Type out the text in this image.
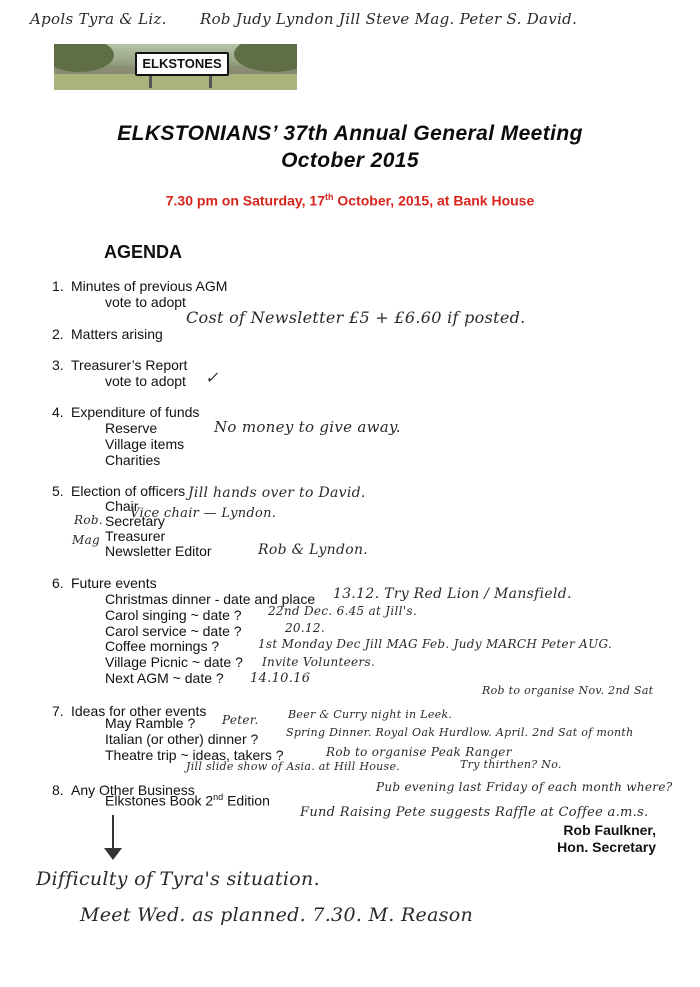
Apols Tyra & Liz. Rob Judy Lyndon Jill Steve Mag. Peter S. David.
ELKSTONES
ELKSTONIANS’ 37th Annual General Meeting
October 2015
7.30 pm on Saturday, 17th October, 2015, at Bank House
AGENDA
1. Minutes of previous AGM
vote to adopt
2. Matters arising
Cost of Newsletter £5 + £6.60 if posted.
3. Treasurer’s Report
vote to adopt ✓
4. Expenditure of funds
Reserve
Village items
Charities
No money to give away.
5. Election of officers
Chair
Secretary
Treasurer
Newsletter Editor
Jill hands over to David.
Vice chair — Lyndon.
Rob.
Mag
Rob & Lyndon.
6. Future events
Christmas dinner - date and place
Carol singing ~ date ?
Carol service ~ date ?
Coffee mornings ?
Village Picnic ~ date ?
Next AGM ~ date ?
13.12. Try Red Lion / Mansfield.
22nd Dec. 6.45 at Jill's.
20.12.
1st Monday Dec Jill MAG Feb. Judy MARCH Peter AUG.
Invite Volunteers.
14.10.16
7. Ideas for other events
May Ramble ?
Italian (or other) dinner ?
Theatre trip ~ ideas, takers ?
Peter.
Rob to organise Nov. 2nd Sat
Beer & Curry night in Leek.
Spring Dinner. Royal Oak Hurdlow. April. 2nd Sat of month
Rob to organise Peak Ranger
Jill slide show of Asia. at Hill House.	Try thirthen? No.
8. Any Other Business
Elkstones Book 2nd Edition
Pub evening last Friday of each month where?
Fund Raising Pete suggests Raffle at Coffee a.m.s.
Rob Faulkner,
Hon. Secretary
Difficulty of Tyra's situation.
Meet Wed. as planned. 7.30. M. Reason
